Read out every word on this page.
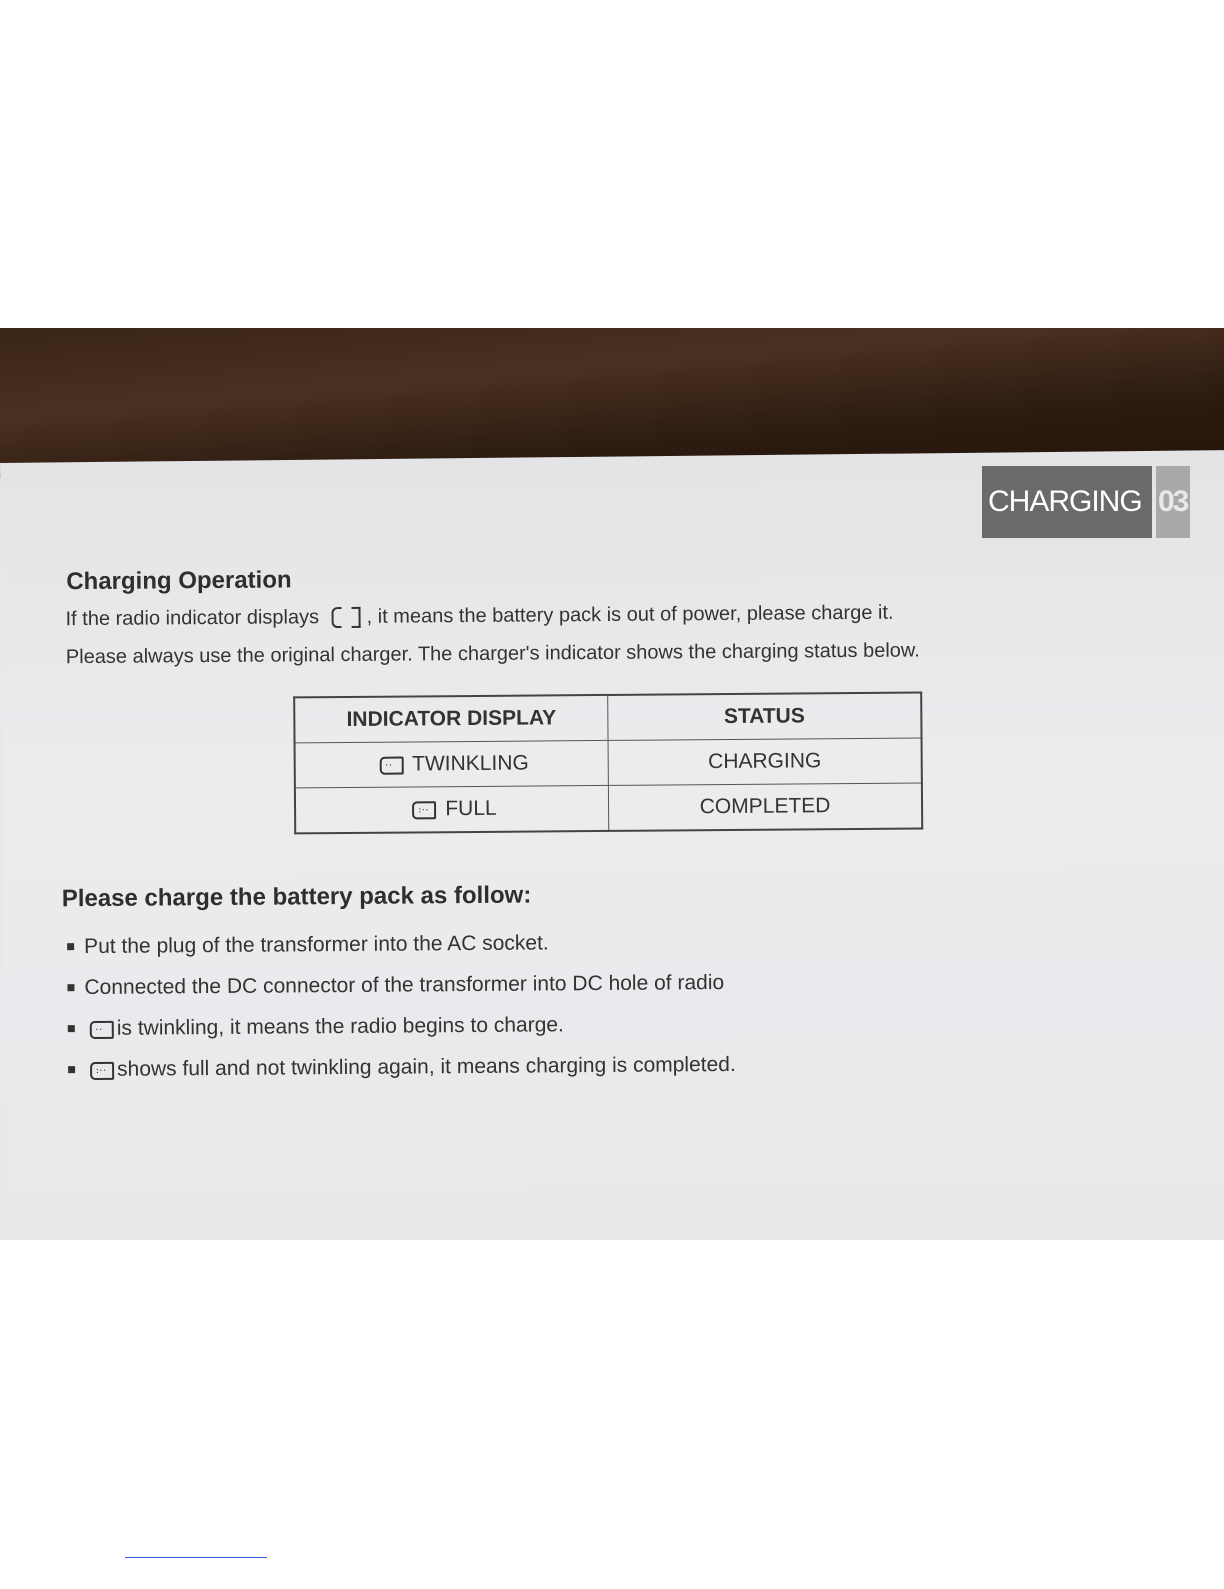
CHARGING 03
Charging Operation
If the radio indicator displays , it means the battery pack is out of power, please charge it.
Please always use the original charger. The charger's indicator shows the charging status below.
INDICATOR DISPLAY	STATUS

·· TWINKLING	CHARGING

:·· FULL	COMPLETED
Please charge the battery pack as follow:
Put the plug of the transformer into the AC socket.
Connected the DC connector of the transformer into DC hole of radio
·· is twinkling, it means the radio begins to charge.
:·· shows full and not twinkling again, it means charging is completed.
